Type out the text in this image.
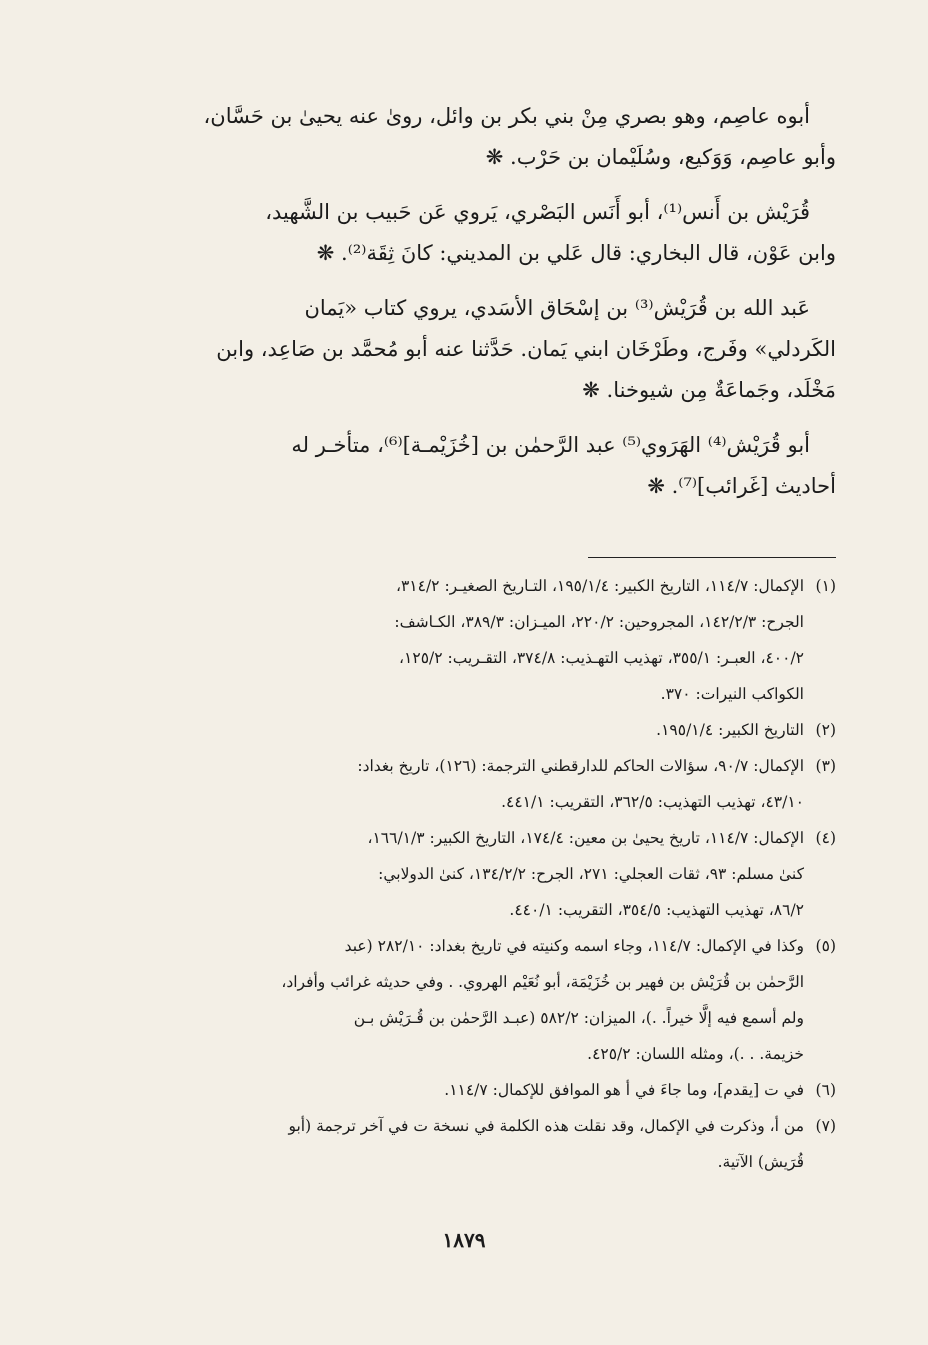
أبوه عاصِم، وهو بصري مِنْ بني بكر بن وائل، روىٰ عنه يحيىٰ بن حَسَّان،

وأبو عاصِم، وَوَكيع، وسُلَيْمان بن حَرْب. ❋

قُرَيْش بن أَنس⁽¹⁾، أبو أَنَس البَصْري، يَروي عَن حَبيب بن الشَّهيد،

وابن عَوْن، قال البخاري: قال عَلي بن المديني: كانَ ثِقَة⁽²⁾. ❋

عَبد الله بن قُرَيْش⁽³⁾ بن إسْحَاق الأسَدي، يروي كتاب «يَمان

الكَردلي» وفَرج، وطَرْخَان ابني يَمان. حَدَّثنا عنه أبو مُحمَّد بن صَاعِد، وابن

مَخْلَد، وجَماعَةٌ مِن شيوخنا. ❋

أبو قُرَيْش⁽⁴⁾ الهَرَوي⁽⁵⁾ عبد الرَّحمٰن بن [خُزَيْمـة]⁽⁶⁾، متأخـر له

أحاديث [غَرائب]⁽⁷⁾. ❋

(١)الإكمال: ١١٤/٧، التاريخ الكبير: ١٩٥/١/٤، التـاريخ الصغيـر: ٣١٤/٢،
الجرح: ١٤٢/٢/٣، المجروحين: ٢٢٠/٢، الميـزان: ٣٨٩/٣، الكـاشف:
٤٠٠/٢، العبـر: ٣٥٥/١، تهذيب التهـذيب: ٣٧٤/٨، التقـريب: ١٢٥/٢،
الكواكب النيرات: ٣٧٠.
(٢)التاريخ الكبير: ١٩٥/١/٤.
(٣)الإكمال: ٩٠/٧، سؤالات الحاكم للدارقطني الترجمة: (١٢٦)، تاريخ بغداد:
٤٣/١٠، تهذيب التهذيب: ٣٦٢/٥، التقريب: ٤٤١/١.
(٤)الإكمال: ١١٤/٧، تاريخ يحيىٰ بن معين: ١٧٤/٤، التاريخ الكبير: ١٦٦/١/٣،
كنىٰ مسلم: ٩٣، ثقات العجلي: ٢٧١، الجرح: ١٣٤/٢/٢، كنىٰ الدولابي:
٨٦/٢، تهذيب التهذيب: ٣٥٤/٥، التقريب: ٤٤٠/١.
(٥)وكذا في الإكمال: ١١٤/٧، وجاء اسمه وكنيته في تاريخ بغداد: ٢٨٢/١٠ (عبد
الرَّحمٰن بن قُرَيْش بن فهير بن خُزَيْمَة، أبو نُعَيْم الهروي. . وفي حديثه غرائب وأفراد،
ولم أسمع فيه إلَّا خيراً. .)، الميزان: ٥٨٢/٢ (عبـد الرَّحمٰن بن قُـرَيْش بـن
خزيمة. . .)، ومثله اللسان: ٤٢٥/٢.
(٦)في ت [يقدم]، وما جاءَ في أ هو الموافق للإكمال: ١١٤/٧.
(٧)من أ، وذكرت في الإكمال، وقد نقلت هذه الكلمة في نسخة ت في آخر ترجمة (أبو
قُرَيش) الآتية.
١٨٧٩
